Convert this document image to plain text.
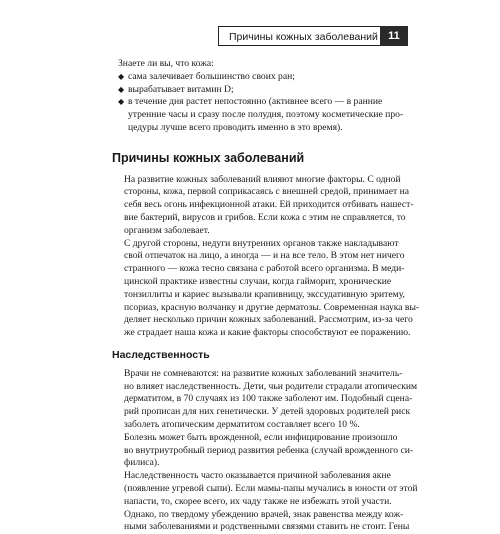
Причины кожных заболеваний 11

Знаете ли вы, что кожа:

◆ сама залечивает большинство своих ран;
◆ вырабатывает витамин D;
◆ в течение дня растет непостоянно (активнее всего — в ранние
утренние часы и сразу после полудня, поэтому косметические про-
цедуры лучше всего проводить именно в это время).
Причины кожных заболеваний

На развитие кожных заболеваний влияют многие факторы. С одной
стороны, кожа, первой соприкасаясь с внешней средой, принимает на
себя весь огонь инфекционной атаки. Ей приходится отбивать нашест-
вие бактерий, вирусов и грибов. Если кожа с этим не справляется, то
организм заболевает.

С другой стороны, недуги внутренних органов также накладывают
свой отпечаток на лицо, а иногда — и на все тело. В этом нет ничего
странного — кожа тесно связана с работой всего организма. В меди-
цинской практике известны случаи, когда гайморит, хронические
тонзиллиты и кариес вызывали крапивницу, экссудативную эритему,
псориаз, красную волчанку и другие дерматозы. Современная наука вы-
деляет несколько причин кожных заболеваний. Рассмотрим, из-за чего
же страдает наша кожа и какие факторы способствуют ее поражению.

Наследственность

Врачи не сомневаются: на развитие кожных заболеваний значитель-
но влияет наследственность. Дети, чьи родители страдали атопическим
дерматитом, в 70 случаях из 100 также заболеют им. Подобный сцена-
рий прописан для них генетически. У детей здоровых родителей риск
заболеть атопическим дерматитом составляет всего 10 %.

Болезнь может быть врожденной, если инфицирование произошло
во внутриутробный период развития ребенка (случай врожденного си-
филиса).

Наследственность часто оказывается причиной заболевания акне
(появление угревой сыпи). Если мамы-папы мучались в юности от этой
напасти, то, скорее всего, их чаду также не избежать этой участи.

Однако, по твердому убеждению врачей, знак равенства между кож-
ными заболеваниями и родственными связями ставить не стоит. Гены
